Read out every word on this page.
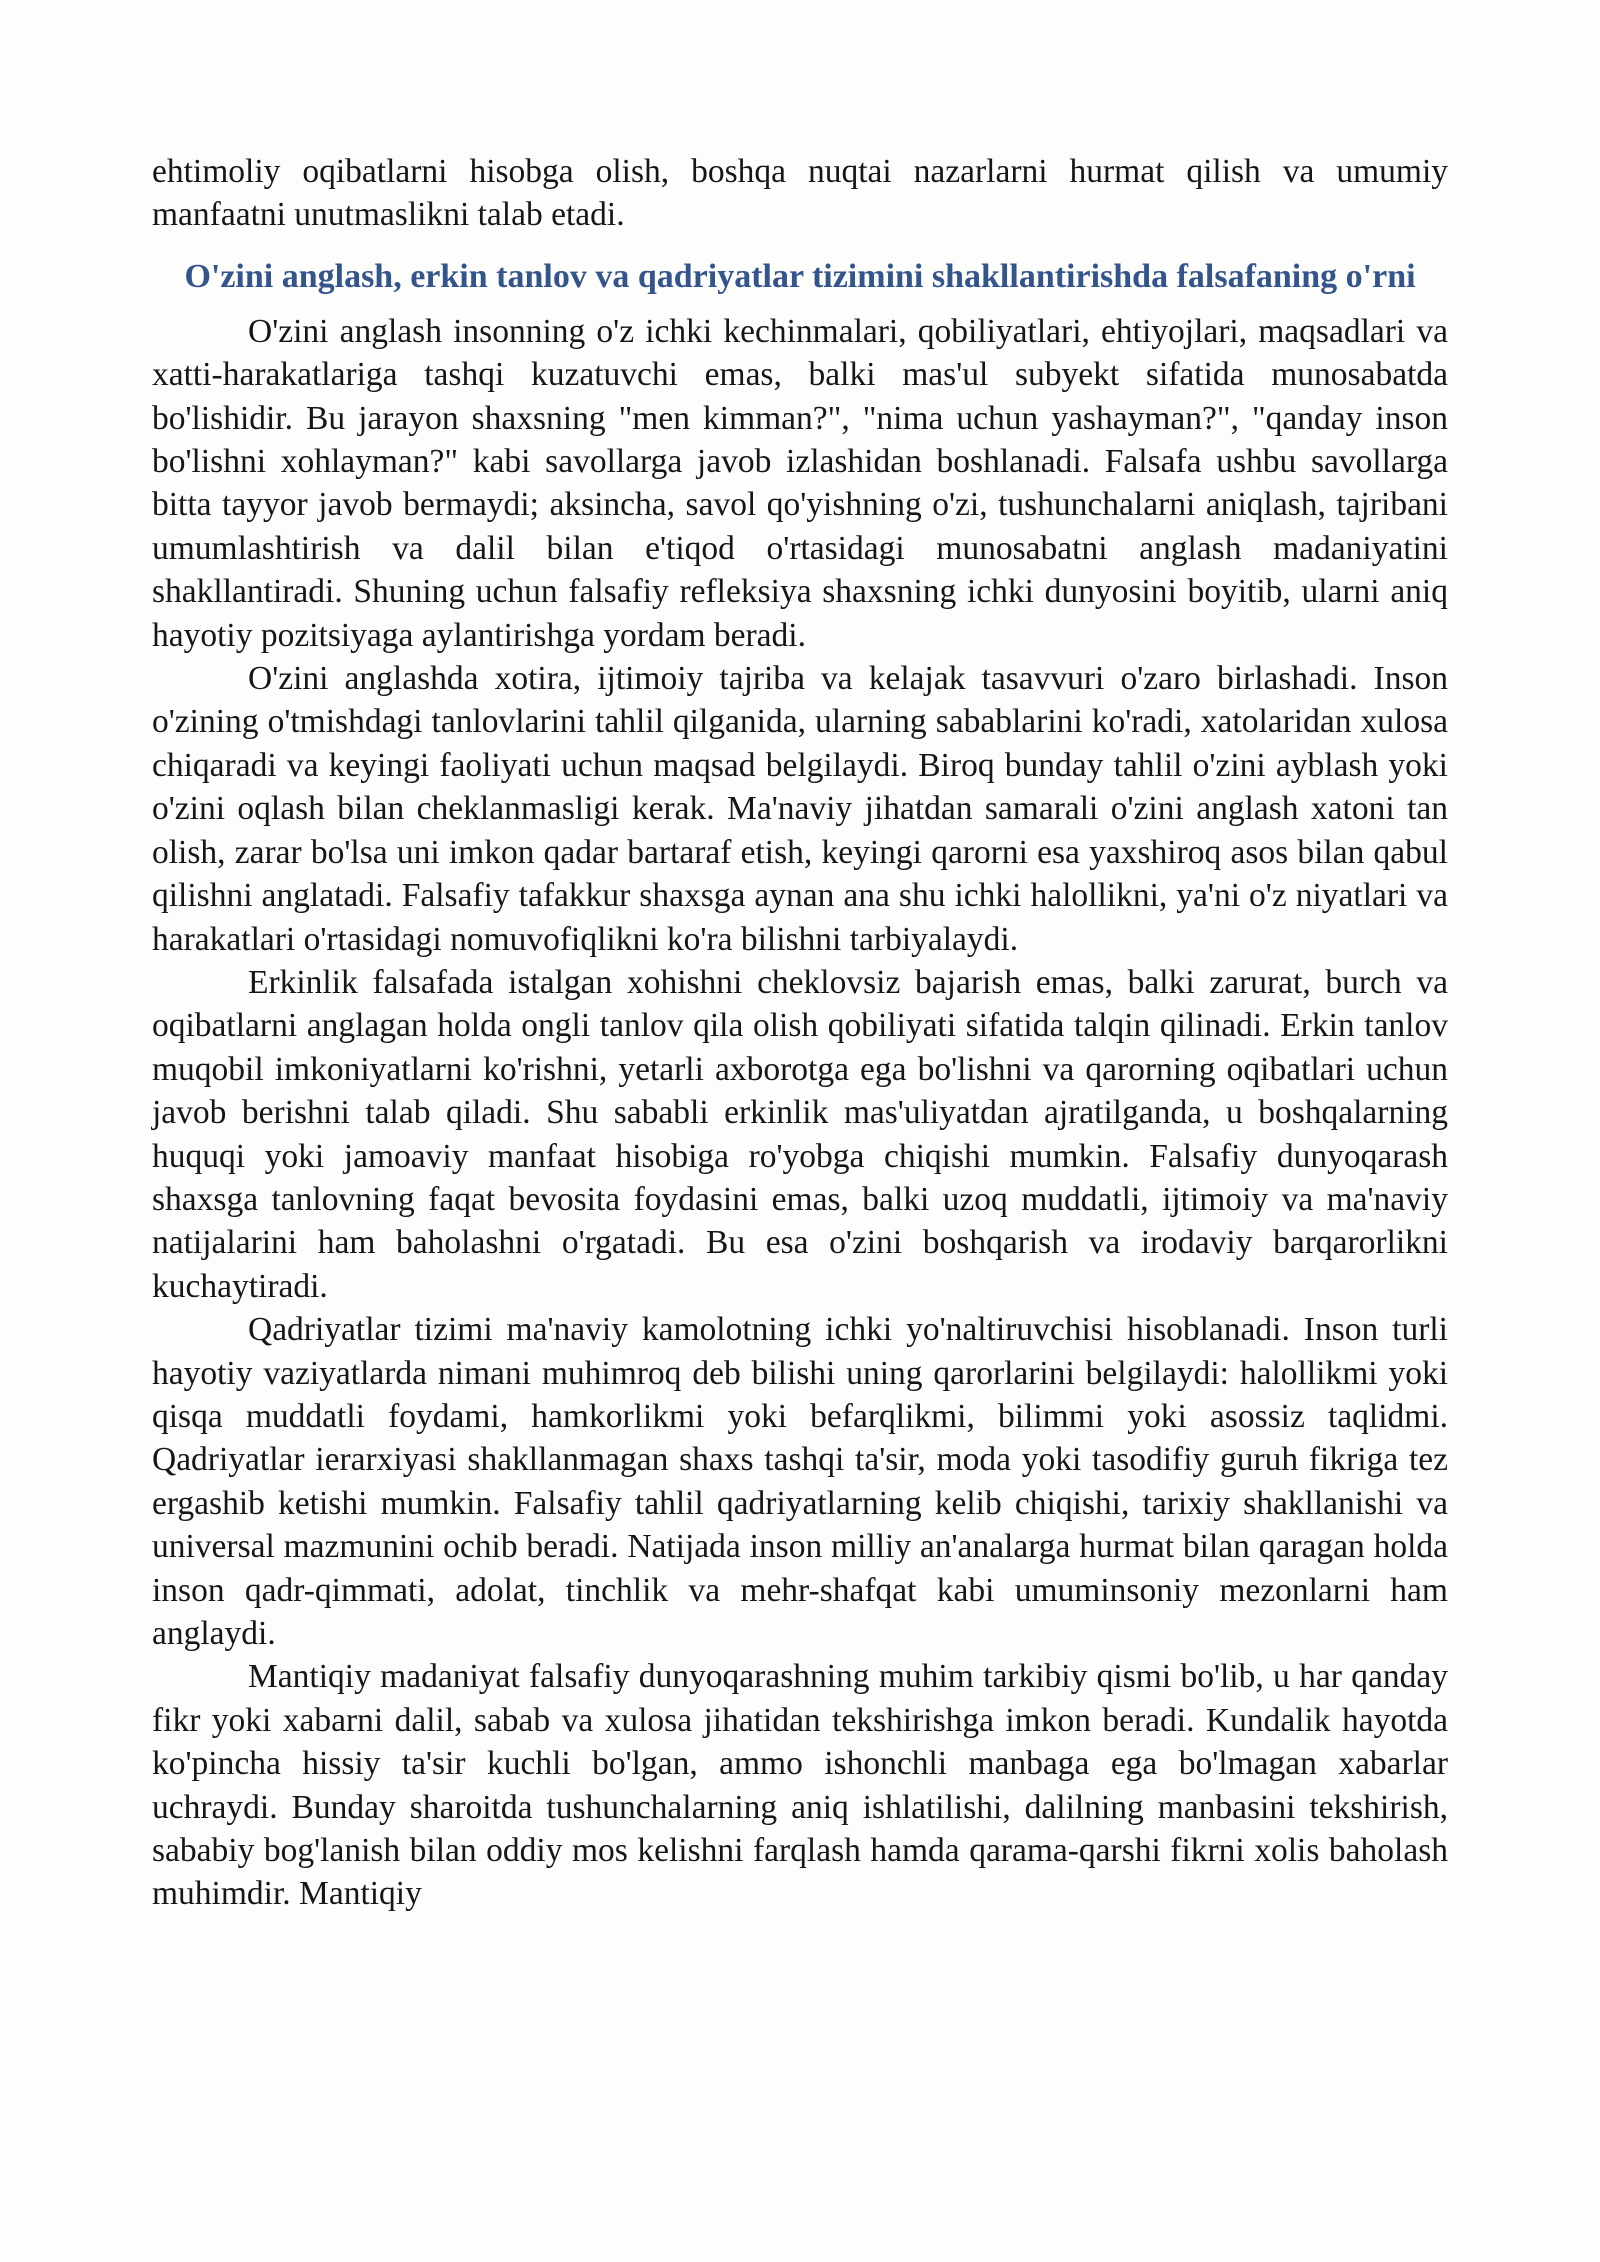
ehtimoliy oqibatlarni hisobga olish, boshqa nuqtai nazarlarni hurmat qilish va umumiy manfaatni unutmaslikni talab etadi.

O'zini anglash, erkin tanlov va qadriyatlar tizimini shakllantirishda falsafaning o'rni

O'zini anglash insonning o'z ichki kechinmalari, qobiliyatlari, ehtiyojlari, maqsadlari va xatti-harakatlariga tashqi kuzatuvchi emas, balki mas'ul subyekt sifatida munosabatda bo'lishidir. Bu jarayon shaxsning "men kimman?", "nima uchun yashayman?", "qanday inson bo'lishni xohlayman?" kabi savollarga javob izlashidan boshlanadi. Falsafa ushbu savollarga bitta tayyor javob bermaydi; aksincha, savol qo'yishning o'zi, tushunchalarni aniqlash, tajribani umumlashtirish va dalil bilan e'tiqod o'rtasidagi munosabatni anglash madaniyatini shakllantiradi. Shuning uchun falsafiy refleksiya shaxsning ichki dunyosini boyitib, ularni aniq hayotiy pozitsiyaga aylantirishga yordam beradi.

O'zini anglashda xotira, ijtimoiy tajriba va kelajak tasavvuri o'zaro birlashadi. Inson o'zining o'tmishdagi tanlovlarini tahlil qilganida, ularning sabablarini ko'radi, xatolaridan xulosa chiqaradi va keyingi faoliyati uchun maqsad belgilaydi. Biroq bunday tahlil o'zini ayblash yoki o'zini oqlash bilan cheklanmasligi kerak. Ma'naviy jihatdan samarali o'zini anglash xatoni tan olish, zarar bo'lsa uni imkon qadar bartaraf etish, keyingi qarorni esa yaxshiroq asos bilan qabul qilishni anglatadi. Falsafiy tafakkur shaxsga aynan ana shu ichki halollikni, ya'ni o'z niyatlari va harakatlari o'rtasidagi nomuvofiqlikni ko'ra bilishni tarbiyalaydi.

Erkinlik falsafada istalgan xohishni cheklovsiz bajarish emas, balki zarurat, burch va oqibatlarni anglagan holda ongli tanlov qila olish qobiliyati sifatida talqin qilinadi. Erkin tanlov muqobil imkoniyatlarni ko'rishni, yetarli axborotga ega bo'lishni va qarorning oqibatlari uchun javob berishni talab qiladi. Shu sababli erkinlik mas'uliyatdan ajratilganda, u boshqalarning huquqi yoki jamoaviy manfaat hisobiga ro'yobga chiqishi mumkin. Falsafiy dunyoqarash shaxsga tanlovning faqat bevosita foydasini emas, balki uzoq muddatli, ijtimoiy va ma'naviy natijalarini ham baholashni o'rgatadi. Bu esa o'zini boshqarish va irodaviy barqarorlikni kuchaytiradi.

Qadriyatlar tizimi ma'naviy kamolotning ichki yo'naltiruvchisi hisoblanadi. Inson turli hayotiy vaziyatlarda nimani muhimroq deb bilishi uning qarorlarini belgilaydi: halollikmi yoki qisqa muddatli foydami, hamkorlikmi yoki befarqlikmi, bilimmi yoki asossiz taqlidmi. Qadriyatlar ierarxiyasi shakllanmagan shaxs tashqi ta'sir, moda yoki tasodifiy guruh fikriga tez ergashib ketishi mumkin. Falsafiy tahlil qadriyatlarning kelib chiqishi, tarixiy shakllanishi va universal mazmunini ochib beradi. Natijada inson milliy an'analarga hurmat bilan qaragan holda inson qadr-qimmati, adolat, tinchlik va mehr-shafqat kabi umuminsoniy mezonlarni ham anglaydi.

Mantiqiy madaniyat falsafiy dunyoqarashning muhim tarkibiy qismi bo'lib, u har qanday fikr yoki xabarni dalil, sabab va xulosa jihatidan tekshirishga imkon beradi. Kundalik hayotda ko'pincha hissiy ta'sir kuchli bo'lgan, ammo ishonchli manbaga ega bo'lmagan xabarlar uchraydi. Bunday sharoitda tushunchalarning aniq ishlatilishi, dalilning manbasini tekshirish, sababiy bog'lanish bilan oddiy mos kelishni farqlash hamda qarama-qarshi fikrni xolis baholash muhimdir. Mantiqiy
